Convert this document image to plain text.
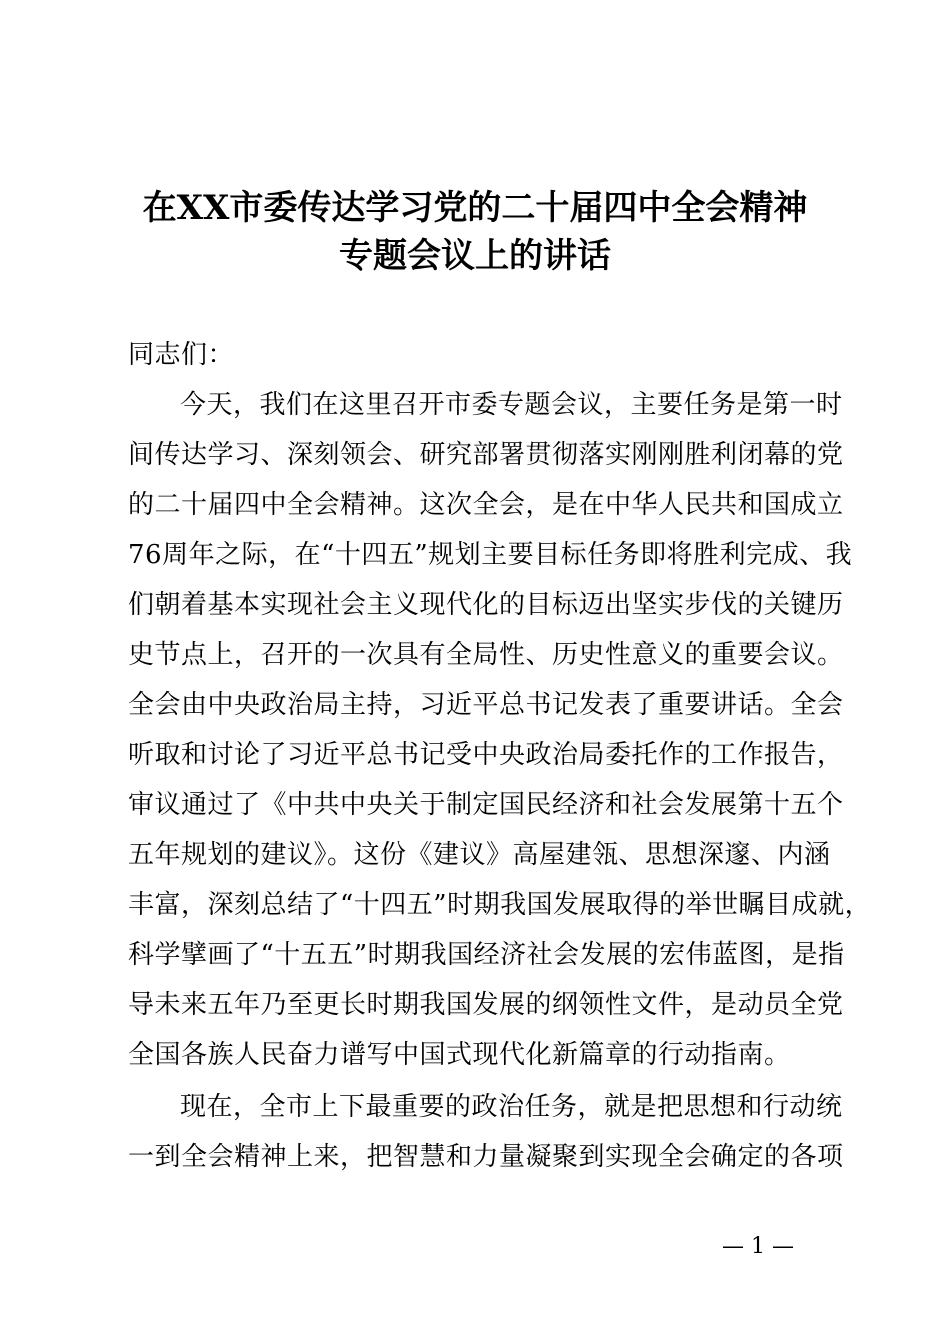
在XX市委传达学习党的二十届四中全会精神
专题会议上的讲话
同志们：
今天，我们在这里召开市委专题会议，主要任务是第一时
间传达学习、深刻领会、研究部署贯彻落实刚刚胜利闭幕的党
的二十届四中全会精神。这次全会，是在中华人民共和国成立
76周年之际，在“十四五”规划主要目标任务即将胜利完成、我
们朝着基本实现社会主义现代化的目标迈出坚实步伐的关键历
史节点上，召开的一次具有全局性、历史性意义的重要会议。
全会由中央政治局主持，习近平总书记发表了重要讲话。全会
听取和讨论了习近平总书记受中央政治局委托作的工作报告，
审议通过了《中共中央关于制定国民经济和社会发展第十五个
五年规划的建议》。这份《建议》高屋建瓴、思想深邃、内涵
丰富，深刻总结了“十四五”时期我国发展取得的举世瞩目成就，
科学擘画了“十五五”时期我国经济社会发展的宏伟蓝图，是指
导未来五年乃至更长时期我国发展的纲领性文件，是动员全党
全国各族人民奋力谱写中国式现代化新篇章的行动指南。
现在，全市上下最重要的政治任务，就是把思想和行动统
一到全会精神上来，把智慧和力量凝聚到实现全会确定的各项
— 1 —
